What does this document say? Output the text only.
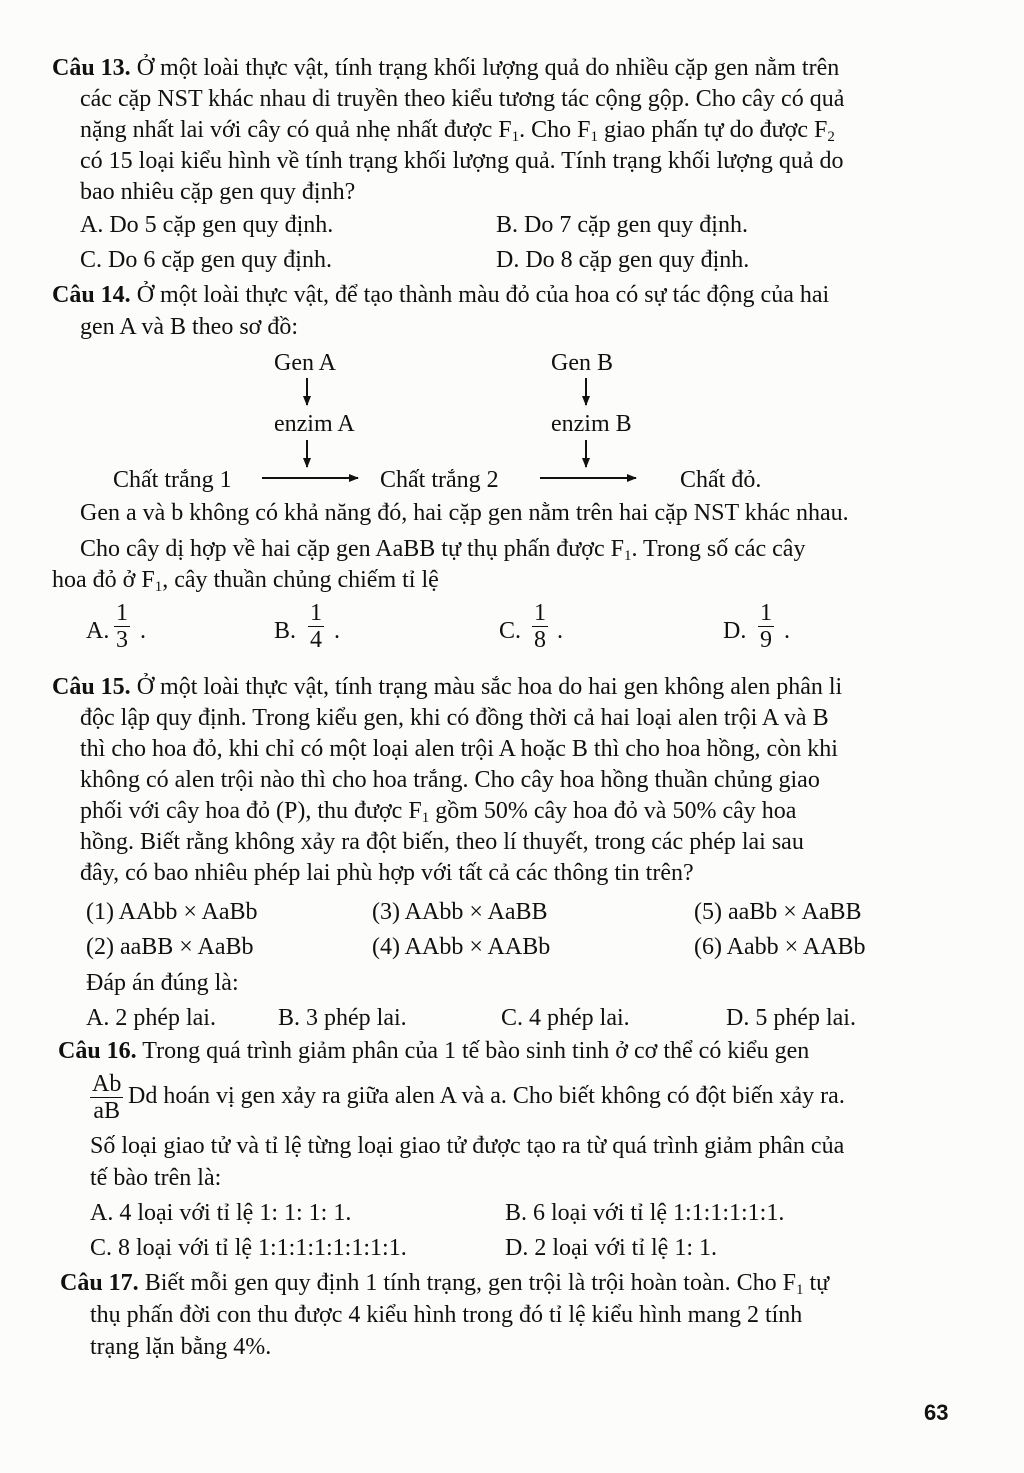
Câu 13. Ở một loài thực vật, tính trạng khối lượng quả do nhiều cặp gen nằm trên
các cặp NST khác nhau di truyền theo kiểu tương tác cộng gộp. Cho cây có quả
nặng nhất lai với cây có quả nhẹ nhất được $F_1$. Cho $F_1$ giao phấn tự do được $F_2$
có 15 loại kiểu hình về tính trạng khối lượng quả. Tính trạng khối lượng quả do
bao nhiêu cặp gen quy định?
A. Do 5 cặp gen quy định.	B. Do 7 cặp gen quy định.
C. Do 6 cặp gen quy định.	D. Do 8 cặp gen quy định.
Câu 14. Ở một loài thực vật, để tạo thành màu đỏ của hoa có sự tác động của hai
gen A và B theo sơ đồ:
Gen A	Gen B
enzim A	enzim B
Chất trắng 1	Chất trắng 2	Chất đỏ.
Gen a và b không có khả năng đó, hai cặp gen nằm trên hai cặp NST khác nhau.
Cho cây dị hợp về hai cặp gen AaBB tự thụ phấn được $F_1$. Trong số các cây
hoa đỏ ở $F_1$, cây thuần chủng chiếm tỉ lệ
A. $\frac{1}{3}$ .	B. $\frac{1}{4}$ .	C. $\frac{1}{8}$ .	D. $\frac{1}{9}$ .
Câu 15. Ở một loài thực vật, tính trạng màu sắc hoa do hai gen không alen phân li
độc lập quy định. Trong kiểu gen, khi có đồng thời cả hai loại alen trội A và B
thì cho hoa đỏ, khi chỉ có một loại alen trội A hoặc B thì cho hoa hồng, còn khi
không có alen trội nào thì cho hoa trắng. Cho cây hoa hồng thuần chủng giao
phối với cây hoa đỏ (P), thu được $F_1$ gồm 50% cây hoa đỏ và 50% cây hoa
hồng. Biết rằng không xảy ra đột biến, theo lí thuyết, trong các phép lai sau
đây, có bao nhiêu phép lai phù hợp với tất cả các thông tin trên?
(1) AAbb × AaBb	(3) AAbb × AaBB	(5) aaBb × AaBB
(2) aaBB × AaBb	(4) AAbb × AABb	(6) Aabb × AABb
Đáp án đúng là:
A. 2 phép lai.	B. 3 phép lai.	C. 4 phép lai.	D. 5 phép lai.
Câu 16. Trong quá trình giảm phân của 1 tế bào sinh tinh ở cơ thể có kiểu gen
$\frac{Ab}{aB}$ Dd hoán vị gen xảy ra giữa alen A và a. Cho biết không có đột biến xảy ra.
Số loại giao tử và tỉ lệ từng loại giao tử được tạo ra từ quá trình giảm phân của
tế bào trên là:
A. 4 loại với tỉ lệ 1: 1: 1: 1.	B. 6 loại với tỉ lệ 1:1:1:1:1:1.
C. 8 loại với tỉ lệ 1:1:1:1:1:1:1:1.	D. 2 loại với tỉ lệ 1: 1.
Câu 17. Biết mỗi gen quy định 1 tính trạng, gen trội là trội hoàn toàn. Cho $F_1$ tự
thụ phấn đời con thu được 4 kiểu hình trong đó tỉ lệ kiểu hình mang 2 tính
trạng lặn bằng 4%.
63
